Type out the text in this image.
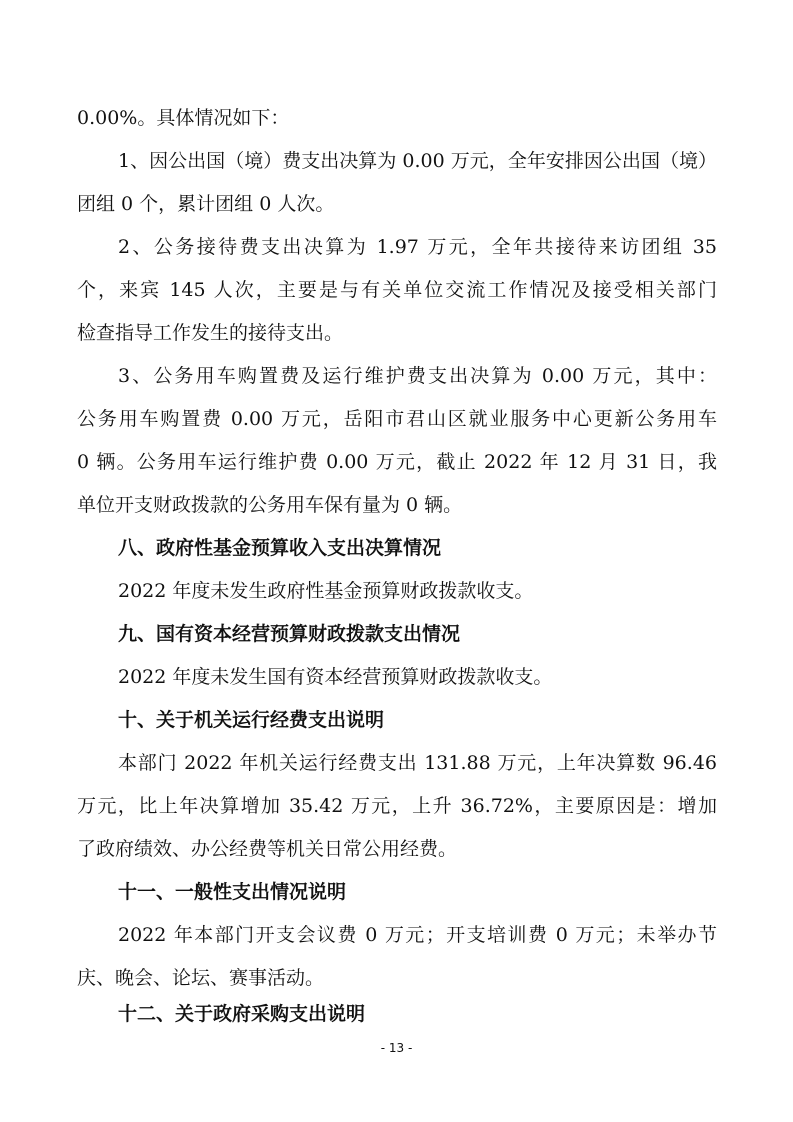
0.00%。具体情况如下：
1、因公出国（境）费支出决算为 0.00 万元，全年安排因公出国（境）
团组 0 个，累计团组 0 人次。
2、公务接待费支出决算为 1.97 万元，全年共接待来访团组 35
个，来宾 145 人次，主要是与有关单位交流工作情况及接受相关部门
检查指导工作发生的接待支出。
3、公务用车购置费及运行维护费支出决算为 0.00 万元，其中：
公务用车购置费 0.00 万元，岳阳市君山区就业服务中心更新公务用车
0 辆。公务用车运行维护费 0.00 万元，截止 2022 年 12 月 31 日，我
单位开支财政拨款的公务用车保有量为 0 辆。
八、政府性基金预算收入支出决算情况
2022 年度未发生政府性基金预算财政拨款收支。
九、国有资本经营预算财政拨款支出情况
2022 年度未发生国有资本经营预算财政拨款收支。
十、关于机关运行经费支出说明
本部门 2022 年机关运行经费支出 131.88 万元，上年决算数 96.46
万元，比上年决算增加 35.42 万元，上升 36.72%，主要原因是：增加
了政府绩效、办公经费等机关日常公用经费。
十一、一般性支出情况说明
2022 年本部门开支会议费 0 万元；开支培训费 0 万元；未举办节
庆、晚会、论坛、赛事活动。
十二、关于政府采购支出说明
- 13 -
